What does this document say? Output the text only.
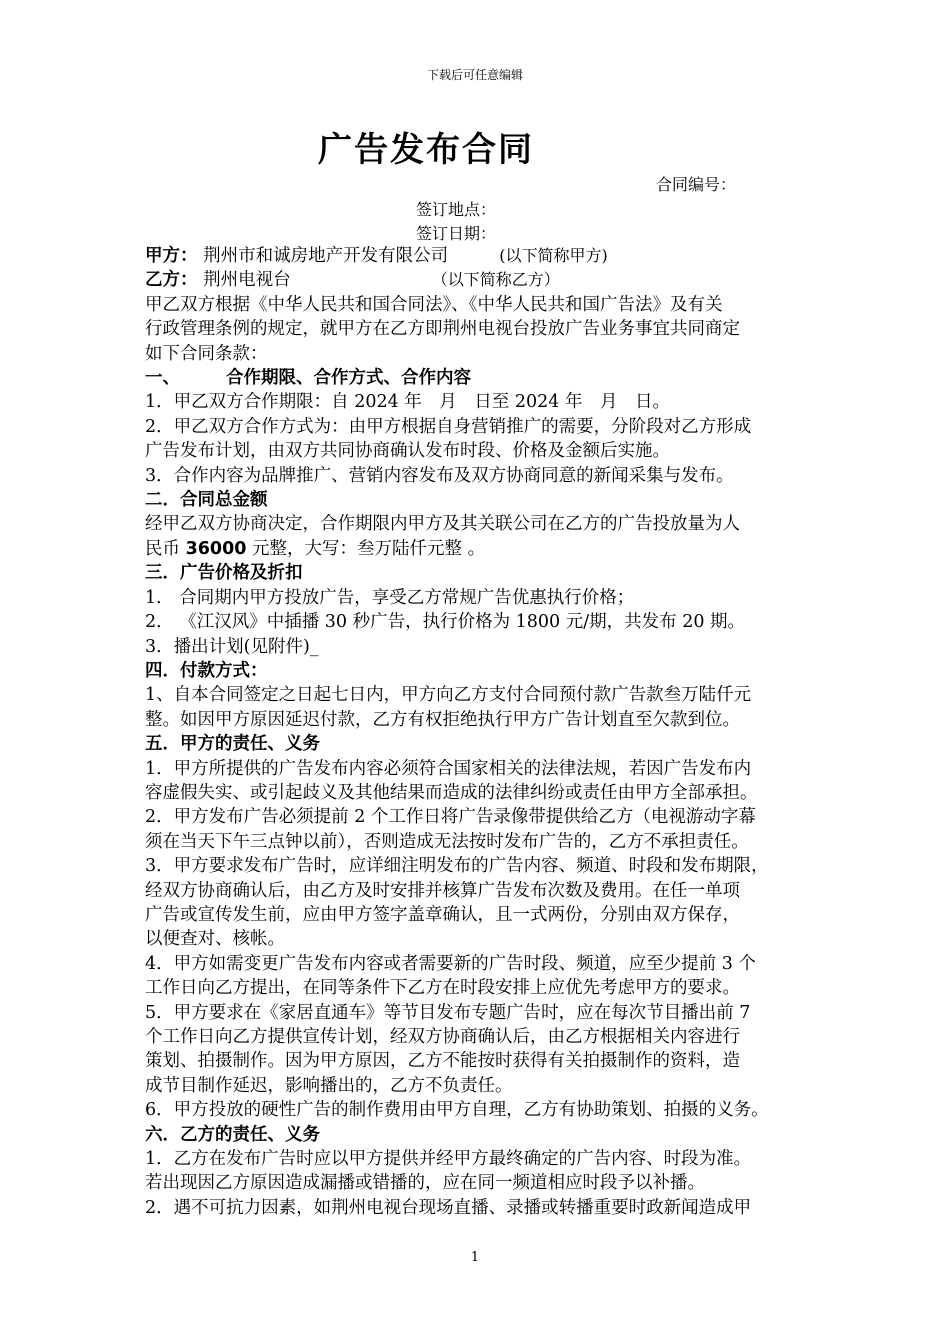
下载后可任意编辑
广告发布合同
合同编号：
签订地点：
签订日期：

甲方： 荆州市和诚房地产开发有限公司	(以下简称甲方)

乙方： 荆州电视台	（以下简称乙方）

甲乙双方根据《中华人民共和国合同法》、《中华人民共和国广告法》及有关

行政管理条例的规定，就甲方在乙方即荆州电视台投放广告业务事宜共同商定

如下合同条款：

一、	合作期限、合作方式、合作内容

1．甲乙双方合作期限：自 2024 年　月　日至 2024 年　月　日。

2．甲乙双方合作方式为：由甲方根据自身营销推广的需要，分阶段对乙方形成

广告发布计划，由双方共同协商确认发布时段、价格及金额后实施。

3．合作内容为品牌推广、营销内容发布及双方协商同意的新闻采集与发布。

二．合同总金额

经甲乙双方协商决定，合作期限内甲方及其关联公司在乙方的广告投放量为人

民币 36000 元整，大写：叁万陆仟元整 。

三．广告价格及折扣

1． 合同期内甲方投放广告，享受乙方常规广告优惠执行价格；

2． 《江汉风》中插播 30 秒广告，执行价格为 1800 元/期，共发布 20 期。

3．播出计划(见附件)_

四．付款方式：

1、自本合同签定之日起七日内，甲方向乙方支付合同预付款广告款叁万陆仟元

整。如因甲方原因延迟付款，乙方有权拒绝执行甲方广告计划直至欠款到位。

五．甲方的责任、义务

1．甲方所提供的广告发布内容必须符合国家相关的法律法规，若因广告发布内

容虚假失实、或引起歧义及其他结果而造成的法律纠纷或责任由甲方全部承担。

2．甲方发布广告必须提前 2 个工作日将广告录像带提供给乙方（电视游动字幕

须在当天下午三点钟以前），否则造成无法按时发布广告的，乙方不承担责任。

3．甲方要求发布广告时，应详细注明发布的广告内容、频道、时段和发布期限，

经双方协商确认后，由乙方及时安排并核算广告发布次数及费用。在任一单项

广告或宣传发生前，应由甲方签字盖章确认，且一式两份，分别由双方保存，

以便查对、核帐。

4．甲方如需变更广告发布内容或者需要新的广告时段、频道，应至少提前 3 个

工作日向乙方提出，在同等条件下乙方在时段安排上应优先考虑甲方的要求。

5．甲方要求在《家居直通车》等节目发布专题广告时，应在每次节目播出前 7

个工作日向乙方提供宣传计划，经双方协商确认后，由乙方根据相关内容进行

策划、拍摄制作。因为甲方原因，乙方不能按时获得有关拍摄制作的资料，造

成节目制作延迟，影响播出的，乙方不负责任。

6．甲方投放的硬性广告的制作费用由甲方自理，乙方有协助策划、拍摄的义务。

六．乙方的责任、义务

1．乙方在发布广告时应以甲方提供并经甲方最终确定的广告内容、时段为准。

若出现因乙方原因造成漏播或错播的，应在同一频道相应时段予以补播。

2．遇不可抗力因素，如荆州电视台现场直播、录播或转播重要时政新闻造成甲

1
